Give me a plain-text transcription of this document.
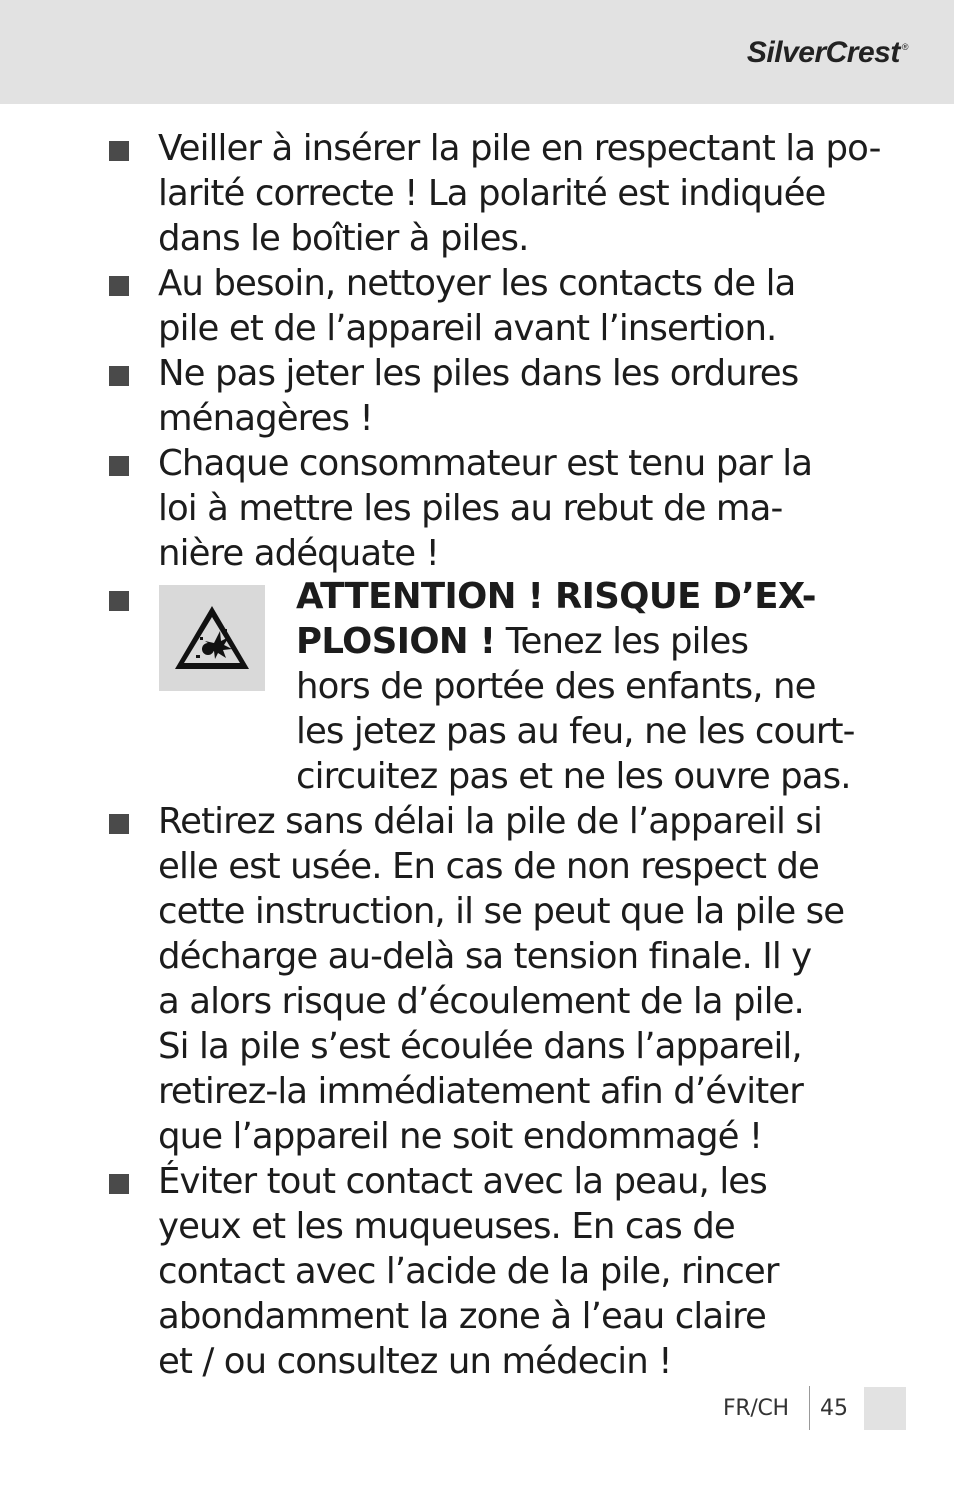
SilverCrest ®
Veiller à insérer la pile en respectant la po-
larité correcte ! La polarité est indiquée
dans le boîtier à piles.
Au besoin, nettoyer les contacts de la
pile et de l’appareil avant l’insertion.
Ne pas jeter les piles dans les ordures
ménagères !
Chaque consommateur est tenu par la
loi à mettre les piles au rebut de ma-
nière adéquate !
ATTENTION ! RISQUE D’EX-
PLOSION ! Tenez les piles
hors de portée des enfants, ne
les jetez pas au feu, ne les court-
circuitez pas et ne les ouvre pas.
Retirez sans délai la pile de l’appareil si
elle est usée. En cas de non respect de
cette instruction, il se peut que la pile se
décharge au-delà sa tension finale. Il y
a alors risque d’écoulement de la pile.
Si la pile s’est écoulée dans l’appareil,
retirez-la immédiatement afin d’éviter
que l’appareil ne soit endommagé !
Éviter tout contact avec la peau, les
yeux et les muqueuses. En cas de
contact avec l’acide de la pile, rincer
abondamment la zone à l’eau claire
et / ou consultez un médecin !
FR/CH 45
